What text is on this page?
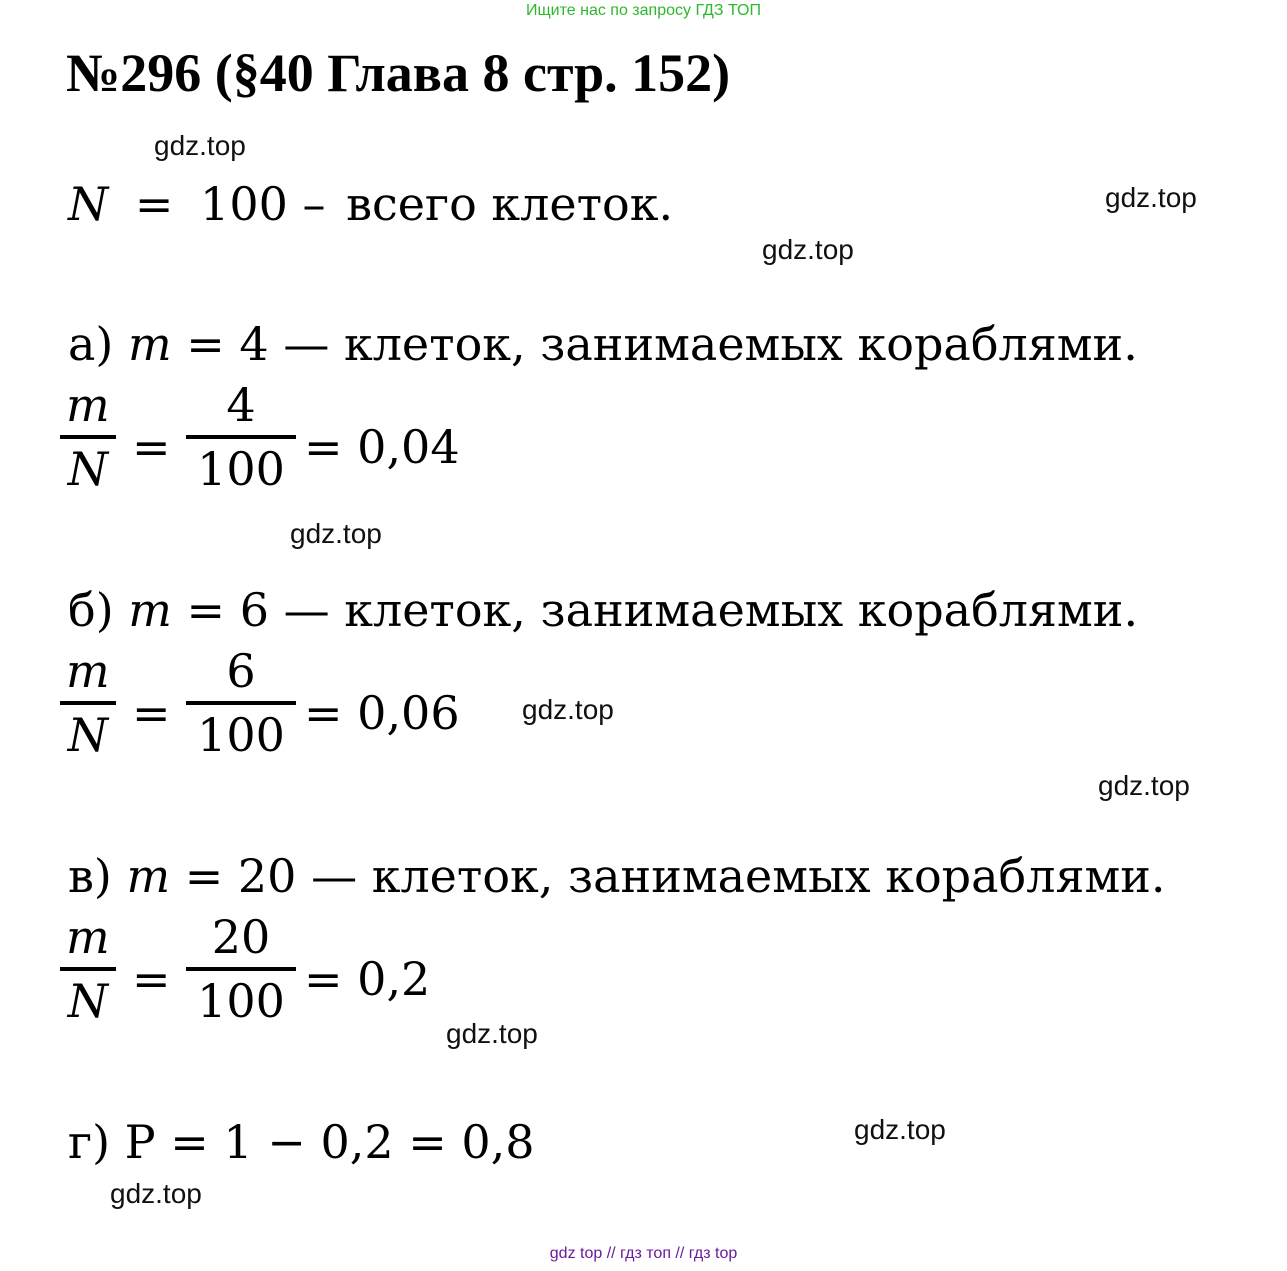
Ищите нас по запросу ГДЗ ТОП
№296 (§40 Глава 8 стр. 152)
gdz.top
gdz.top
gdz.top
gdz.top
gdz.top
gdz.top
gdz.top
gdz.top
gdz.top
N = 100 – всего клеток.
а) m = 4 — клеток, занимаемых кораблями.
m
N =
4
100 = 0,04
б) m = 6 — клеток, занимаемых кораблями.
m
N =
6
100 = 0,06
в) m = 20 — клеток, занимаемых кораблями.
m
N =
20
100 = 0,2
г) P = 1 − 0,2 = 0,8
gdz top // гдз топ // гдз top
